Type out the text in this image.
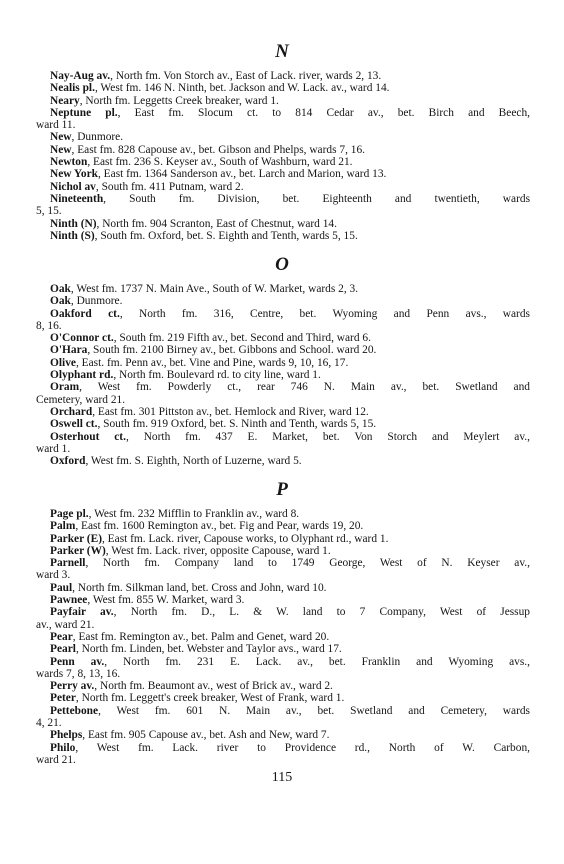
N
Nay-Aug av., North fm. Von Storch av., East of Lack. river, wards 2, 13.
Nealis pl., West fm. 146 N. Ninth, bet. Jackson and W. Lack. av., ward 14.
Neary, North fm. Leggetts Creek breaker, ward 1.
Neptune pl., East fm. Slocum ct. to 814 Cedar av., bet. Birch and Beech,
ward 11.
New, Dunmore.
New, East fm. 828 Capouse av., bet. Gibson and Phelps, wards 7, 16.
Newton, East fm. 236 S. Keyser av., South of Washburn, ward 21.
New York, East fm. 1364 Sanderson av., bet. Larch and Marion, ward 13.
Nichol av, South fm. 411 Putnam, ward 2.
Nineteenth, South fm. Division, bet. Eighteenth and twentieth, wards
5, 15.
Ninth (N), North fm. 904 Scranton, East of Chestnut, ward 14.
Ninth (S), South fm. Oxford, bet. S. Eighth and Tenth, wards 5, 15.
O
Oak, West fm. 1737 N. Main Ave., South of W. Market, wards 2, 3.
Oak, Dunmore.
Oakford ct., North fm. 316, Centre, bet. Wyoming and Penn avs., wards
8, 16.
O'Connor ct., South fm. 219 Fifth av., bet. Second and Third, ward 6.
O'Hara, South fm. 2100 Birney av., bet. Gibbons and School. ward 20.
Olive, East. fm. Penn av., bet. Vine and Pine, wards 9, 10, 16, 17.
Olyphant rd., North fm. Boulevard rd. to city line, ward 1.
Oram, West fm. Powderly ct., rear 746 N. Main av., bet. Swetland and
Cemetery, ward 21.
Orchard, East fm. 301 Pittston av., bet. Hemlock and River, ward 12.
Oswell ct., South fm. 919 Oxford, bet. S. Ninth and Tenth, wards 5, 15.
Osterhout ct., North fm. 437 E. Market, bet. Von Storch and Meylert av.,
ward 1.
Oxford, West fm. S. Eighth, North of Luzerne, ward 5.
P
Page pl., West fm. 232 Mifflin to Franklin av., ward 8.
Palm, East fm. 1600 Remington av., bet. Fig and Pear, wards 19, 20.
Parker (E), East fm. Lack. river, Capouse works, to Olyphant rd., ward 1.
Parker (W), West fm. Lack. river, opposite Capouse, ward 1.
Parnell, North fm. Company land to 1749 George, West of N. Keyser av.,
ward 3.
Paul, North fm. Silkman land, bet. Cross and John, ward 10.
Pawnee, West fm. 855 W. Market, ward 3.
Payfair av., North fm. D., L. & W. land to 7 Company, West of Jessup
av., ward 21.
Pear, East fm. Remington av., bet. Palm and Genet, ward 20.
Pearl, North fm. Linden, bet. Webster and Taylor avs., ward 17.
Penn av., North fm. 231 E. Lack. av., bet. Franklin and Wyoming avs.,
wards 7, 8, 13, 16.
Perry av., North fm. Beaumont av., west of Brick av., ward 2.
Peter, North fm. Leggett's creek breaker, West of Frank, ward 1.
Pettebone, West fm. 601 N. Main av., bet. Swetland and Cemetery, wards
4, 21.
Phelps, East fm. 905 Capouse av., bet. Ash and New, ward 7.
Philo, West fm. Lack. river to Providence rd., North of W. Carbon,
ward 21.
115
